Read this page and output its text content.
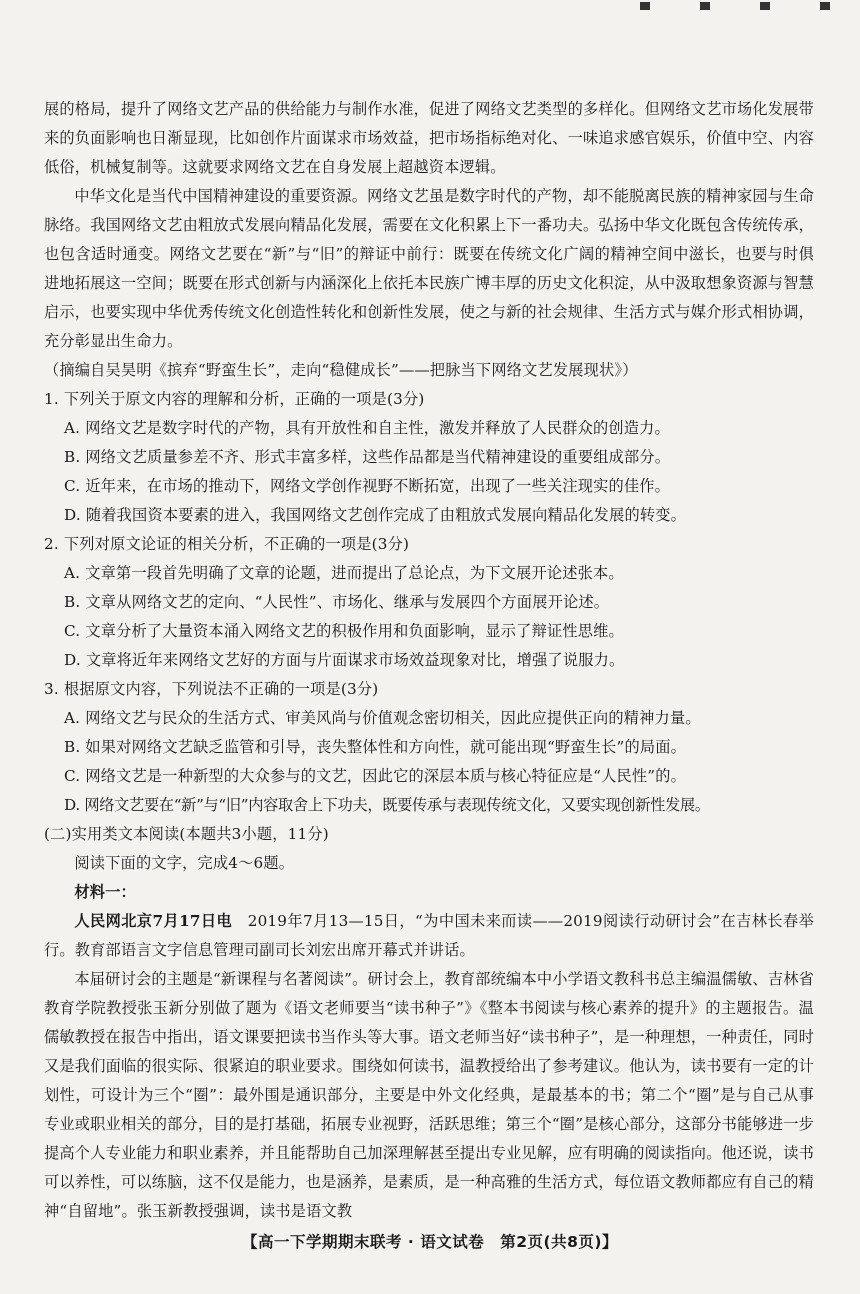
展的格局，提升了网络文艺产品的供给能力与制作水准，促进了网络文艺类型的多样化。但网络文艺市场化发展带来的负面影响也日渐显现，比如创作片面谋求市场效益，把市场指标绝对化、一味追求感官娱乐，价值中空、内容低俗，机械复制等。这就要求网络文艺在自身发展上超越资本逻辑。

中华文化是当代中国精神建设的重要资源。网络文艺虽是数字时代的产物，却不能脱离民族的精神家园与生命脉络。我国网络文艺由粗放式发展向精品化发展，需要在文化积累上下一番功夫。弘扬中华文化既包含传统传承，也包含适时通变。网络文艺要在“新”与“旧”的辩证中前行：既要在传统文化广阔的精神空间中滋长，也要与时俱进地拓展这一空间；既要在形式创新与内涵深化上依托本民族广博丰厚的历史文化积淀，从中汲取想象资源与智慧启示，也要实现中华优秀传统文化创造性转化和创新性发展，使之与新的社会规律、生活方式与媒介形式相协调，充分彰显出生命力。

（摘编自吴昊明《摈弃“野蛮生长”，走向“稳健成长”——把脉当下网络文艺发展现状》）

1. 下列关于原文内容的理解和分析，正确的一项是(3分)

A. 网络文艺是数字时代的产物，具有开放性和自主性，激发并释放了人民群众的创造力。

B. 网络文艺质量参差不齐、形式丰富多样，这些作品都是当代精神建设的重要组成部分。

C. 近年来，在市场的推动下，网络文学创作视野不断拓宽，出现了一些关注现实的佳作。

D. 随着我国资本要素的进入，我国网络文艺创作完成了由粗放式发展向精品化发展的转变。

2. 下列对原文论证的相关分析，不正确的一项是(3分)

A. 文章第一段首先明确了文章的论题，进而提出了总论点，为下文展开论述张本。

B. 文章从网络文艺的定向、“人民性”、市场化、继承与发展四个方面展开论述。

C. 文章分析了大量资本涌入网络文艺的积极作用和负面影响，显示了辩证性思维。

D. 文章将近年来网络文艺好的方面与片面谋求市场效益现象对比，增强了说服力。

3. 根据原文内容，下列说法不正确的一项是(3分)

A. 网络文艺与民众的生活方式、审美风尚与价值观念密切相关，因此应提供正向的精神力量。

B. 如果对网络文艺缺乏监管和引导，丧失整体性和方向性，就可能出现“野蛮生长”的局面。

C. 网络文艺是一种新型的大众参与的文艺，因此它的深层本质与核心特征应是“人民性”的。

D. 网络文艺要在“新”与“旧”内容取舍上下功夫，既要传承与表现传统文化，又要实现创新性发展。

(二)实用类文本阅读(本题共3小题，11分)

阅读下面的文字，完成4～6题。

材料一：

人民网北京7月17日电　2019年7月13—15日，“为中国未来而读——2019阅读行动研讨会”在吉林长春举行。教育部语言文字信息管理司副司长刘宏出席开幕式并讲话。

本届研讨会的主题是“新课程与名著阅读”。研讨会上，教育部统编本中小学语文教科书总主编温儒敏、吉林省教育学院教授张玉新分别做了题为《语文老师要当“读书种子”》《整本书阅读与核心素养的提升》的主题报告。温儒敏教授在报告中指出，语文课要把读书当作头等大事。语文老师当好“读书种子”，是一种理想，一种责任，同时又是我们面临的很实际、很紧迫的职业要求。围绕如何读书，温教授给出了参考建议。他认为，读书要有一定的计划性，可设计为三个“圈”：最外围是通识部分，主要是中外文化经典，是最基本的书；第二个“圈”是与自己从事专业或职业相关的部分，目的是打基础，拓展专业视野，活跃思维；第三个“圈”是核心部分，这部分书能够进一步提高个人专业能力和职业素养，并且能帮助自己加深理解甚至提出专业见解，应有明确的阅读指向。他还说，读书可以养性，可以练脑，这不仅是能力，也是涵养，是素质，是一种高雅的生活方式，每位语文教师都应有自己的精神“自留地”。张玉新教授强调，读书是语文教

【高一下学期期末联考 · 语文试卷　第2页(共8页)】
